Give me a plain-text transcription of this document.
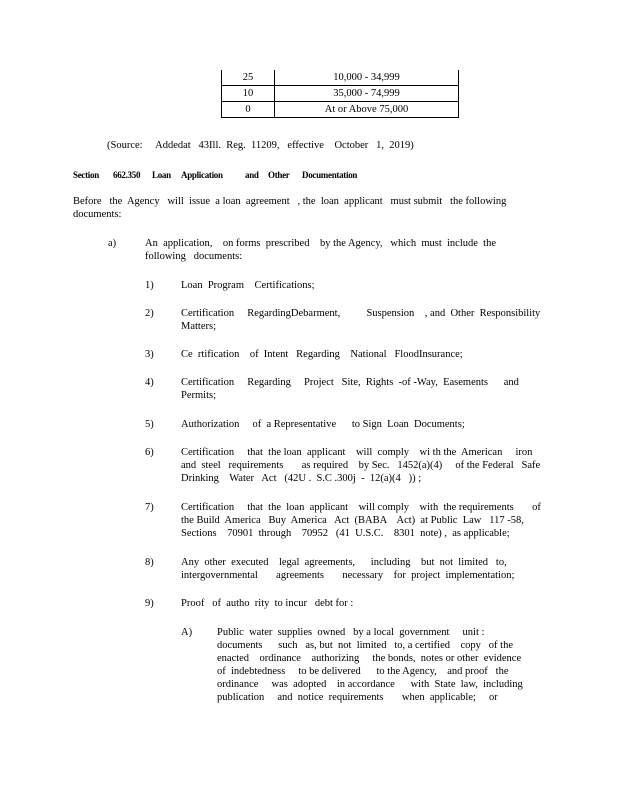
25	10,000 - 34,999
10	35,000 - 74,999
0	At or Above 75,000
(Source:     Addedat   43Ill.  Reg.  11209,   effective    October   1,  2019)
Section 662.350 Loan Application and Other Documentation
Before   the  Agency   will  issue  a loan  agreement   , the  loan  applicant   must submit   the following
documents:
a)	An  application,    on forms  prescribed    by the Agency,   which  must  include  the
following   documents:
1)	Loan  Program    Certifications;
2)	Certification     RegardingDebarment,          Suspension    , and  Other  Responsibility
Matters;
3)	Ce  rtification    of  Intent   Regarding    National   FloodInsurance;
4)	Certification     Regarding     Project   Site,  Rights  -of -Way,  Easements      and
Permits;
5)	Authorization     of  a Representative      to Sign  Loan  Documents;
6)	Certification     that  the loan  applicant    will  comply    wi th the  American     iron
and  steel   requirements       as required    by Sec.   1452(a)(4)     of the Federal   Safe
Drinking    Water   Act   (42U .  S.C .300j  -  12(a)(4   )) ;
7)	Certification     that  the  loan  applicant    will comply    with  the requirements       of
the Build  America   Buy  America   Act  (BABA    Act)  at Public  Law   117 -58,
Sections    70901  through    70952   (41  U.S.C.    8301  note) ,  as applicable;
8)	Any  other  executed    legal  agreements,      including    but  not  limited   to,
intergovernmental       agreements       necessary    for  project  implementation;
9)	Proof   of  autho  rity  to incur   debt for :
A) Public  water  supplies  owned   by a local  government     unit :
documents      such   as, but  not  limited   to, a certified    copy   of the
enacted    ordinance    authorizing     the bonds,  notes or other  evidence
of  indebtedness     to be delivered      to the Agency,    and proof   the
ordinance     was  adopted    in accordance      with  State  law,  including
publication     and  notice  requirements       when  applicable;     or
